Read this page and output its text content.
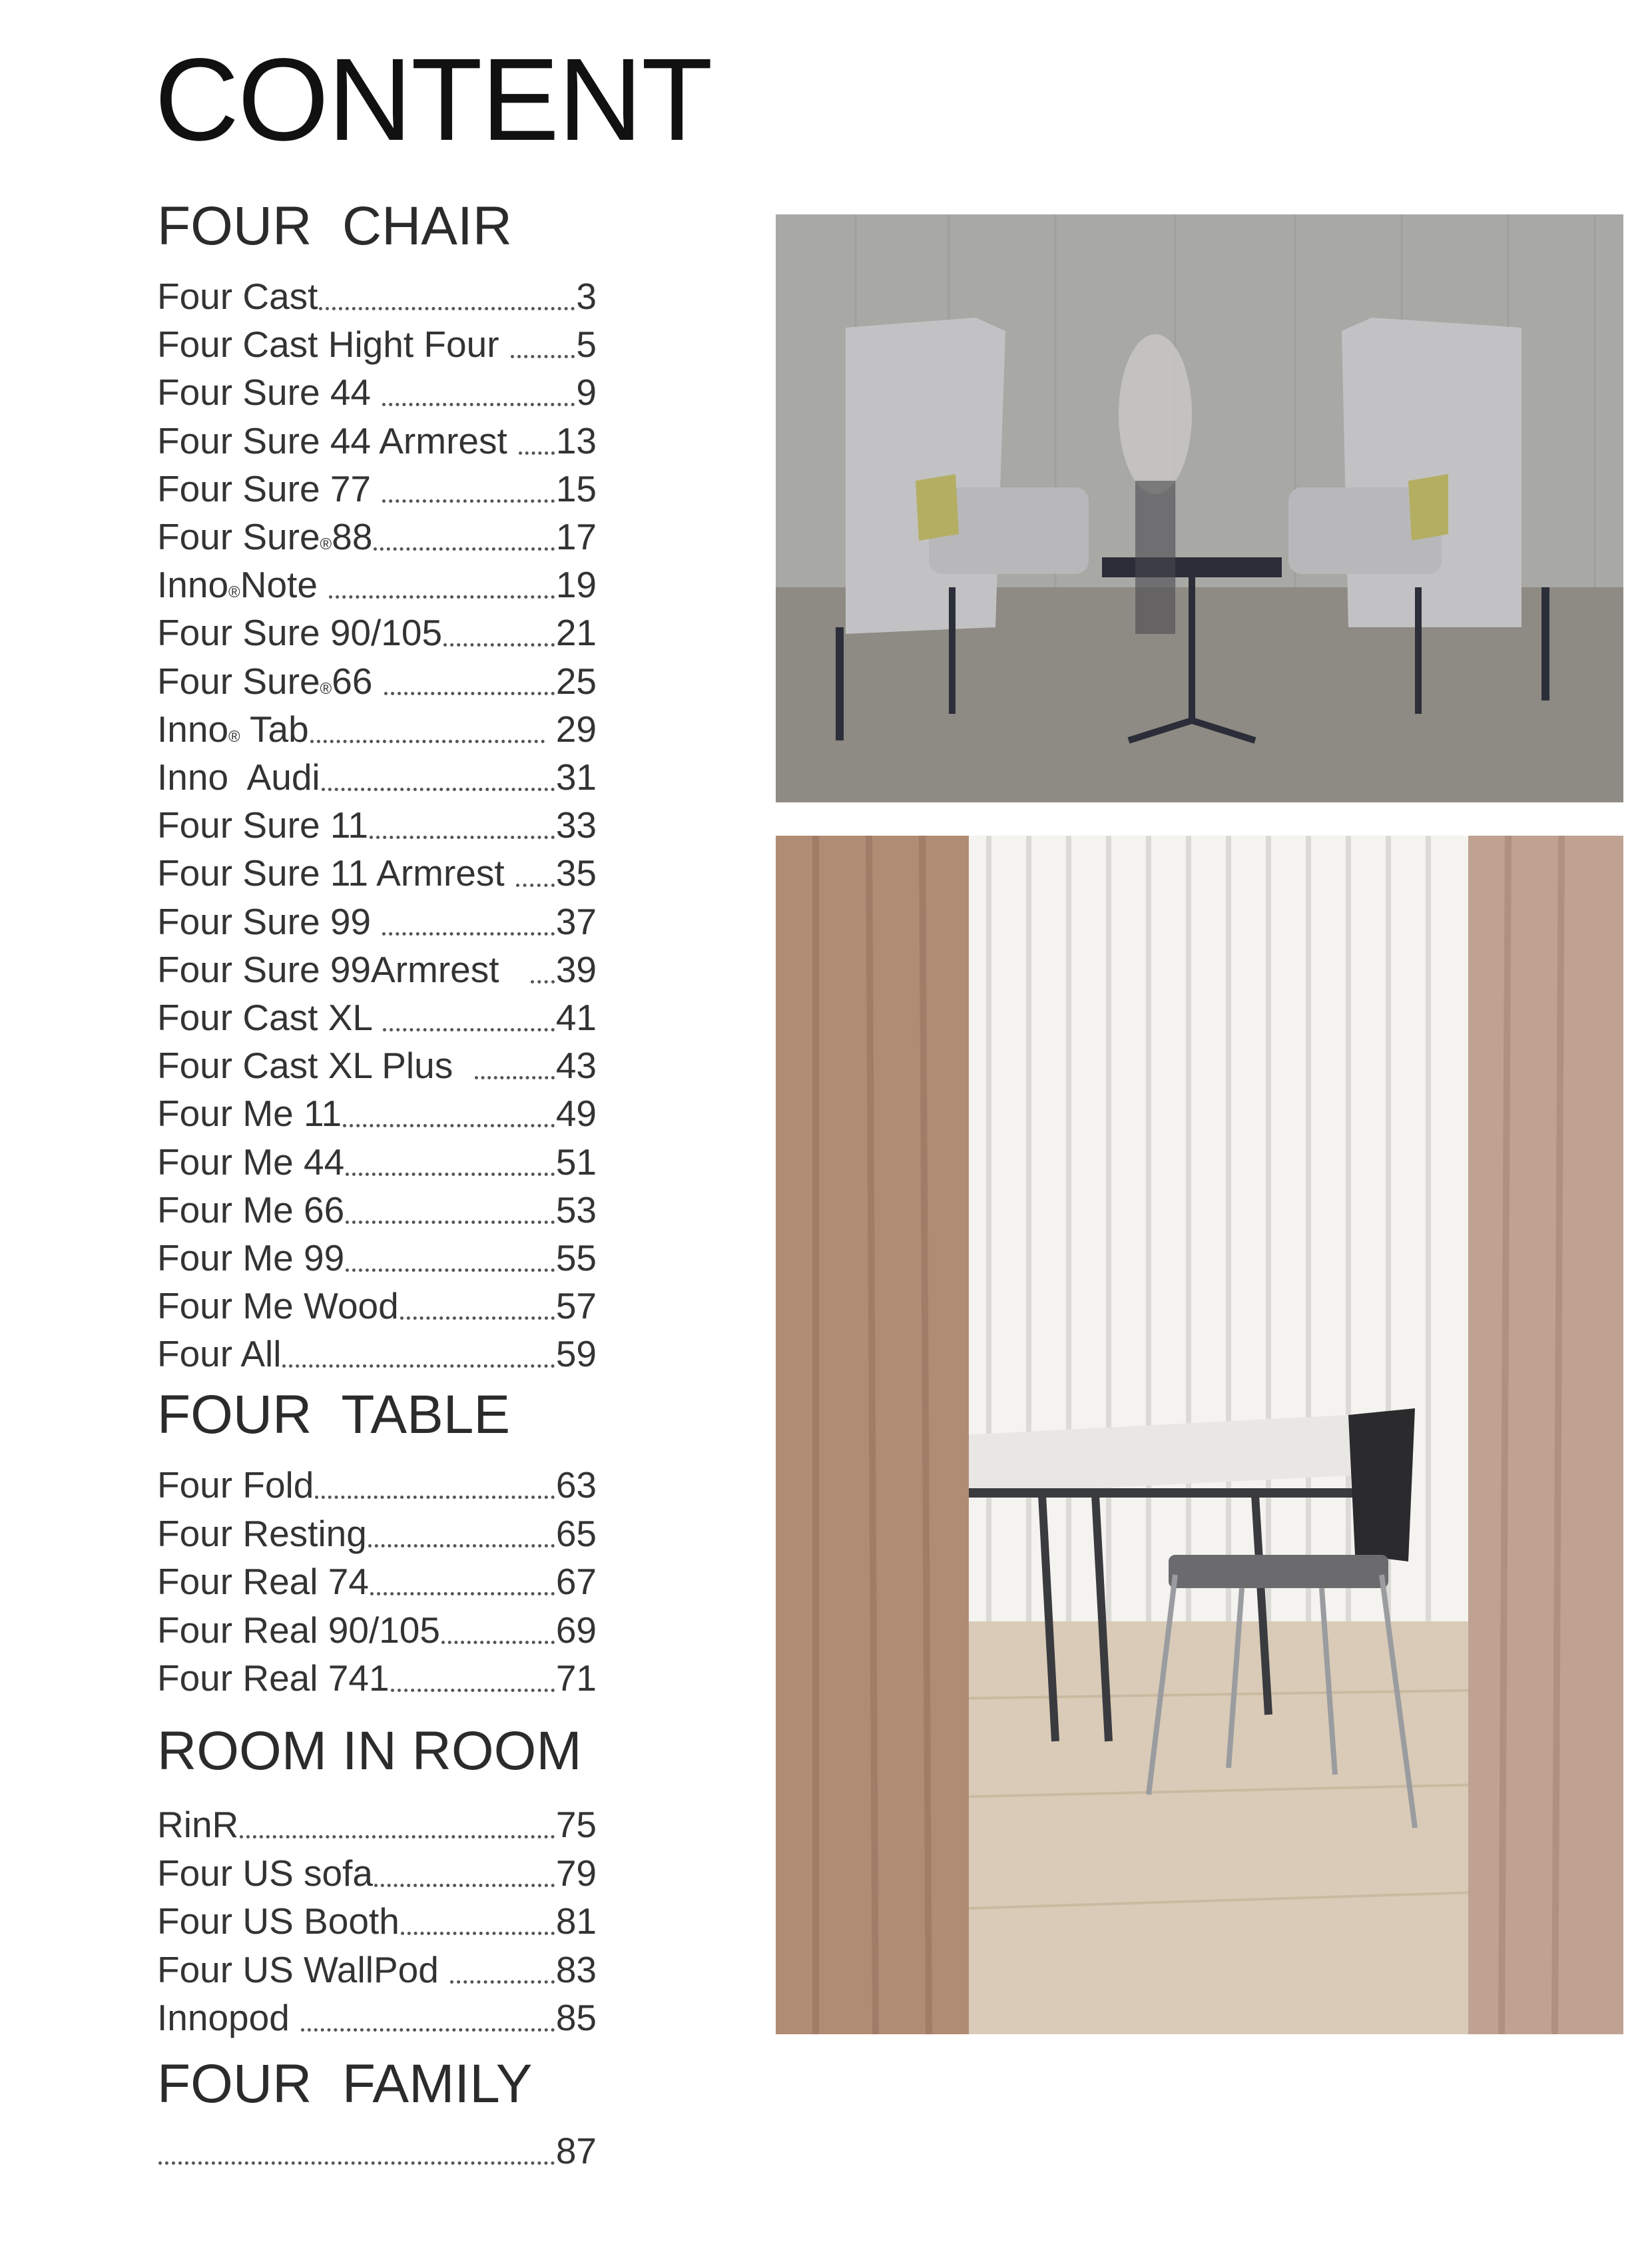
CONTENT
FOUR  CHAIR
Four Cast	3
Four Cast Hight Four 5
Four Sure 44	9
Four Sure 44 Armrest 13
Four Sure 77	15
Four Sure$_®$ 88	17
Inno$_®$ Note	19
Four Sure 90/105	21
Four Sure$_®$ 66	25
Inno$_®$ Tab	29
Inno  Audi	31
Four Sure 11	33
Four Sure 11 Armrest 35
Four Sure 99	37
Four Sure 99Armrest 39
Four Cast XL	41
Four Cast XL Plus 43
Four Me 11	49
Four Me 44	51
Four Me 66	53
Four Me 99	55
Four Me Wood	57
Four All	59
FOUR  TABLE
Four Fold	63
Four Resting	65
Four Real 74	67
Four Real 90/105	69
Four Real 741	71
ROOM IN ROOM
RinR	75
Four US sofa	79
Four US Booth	81
Four US WallPod	83
Innopod	85
FOUR  FAMILY
87
